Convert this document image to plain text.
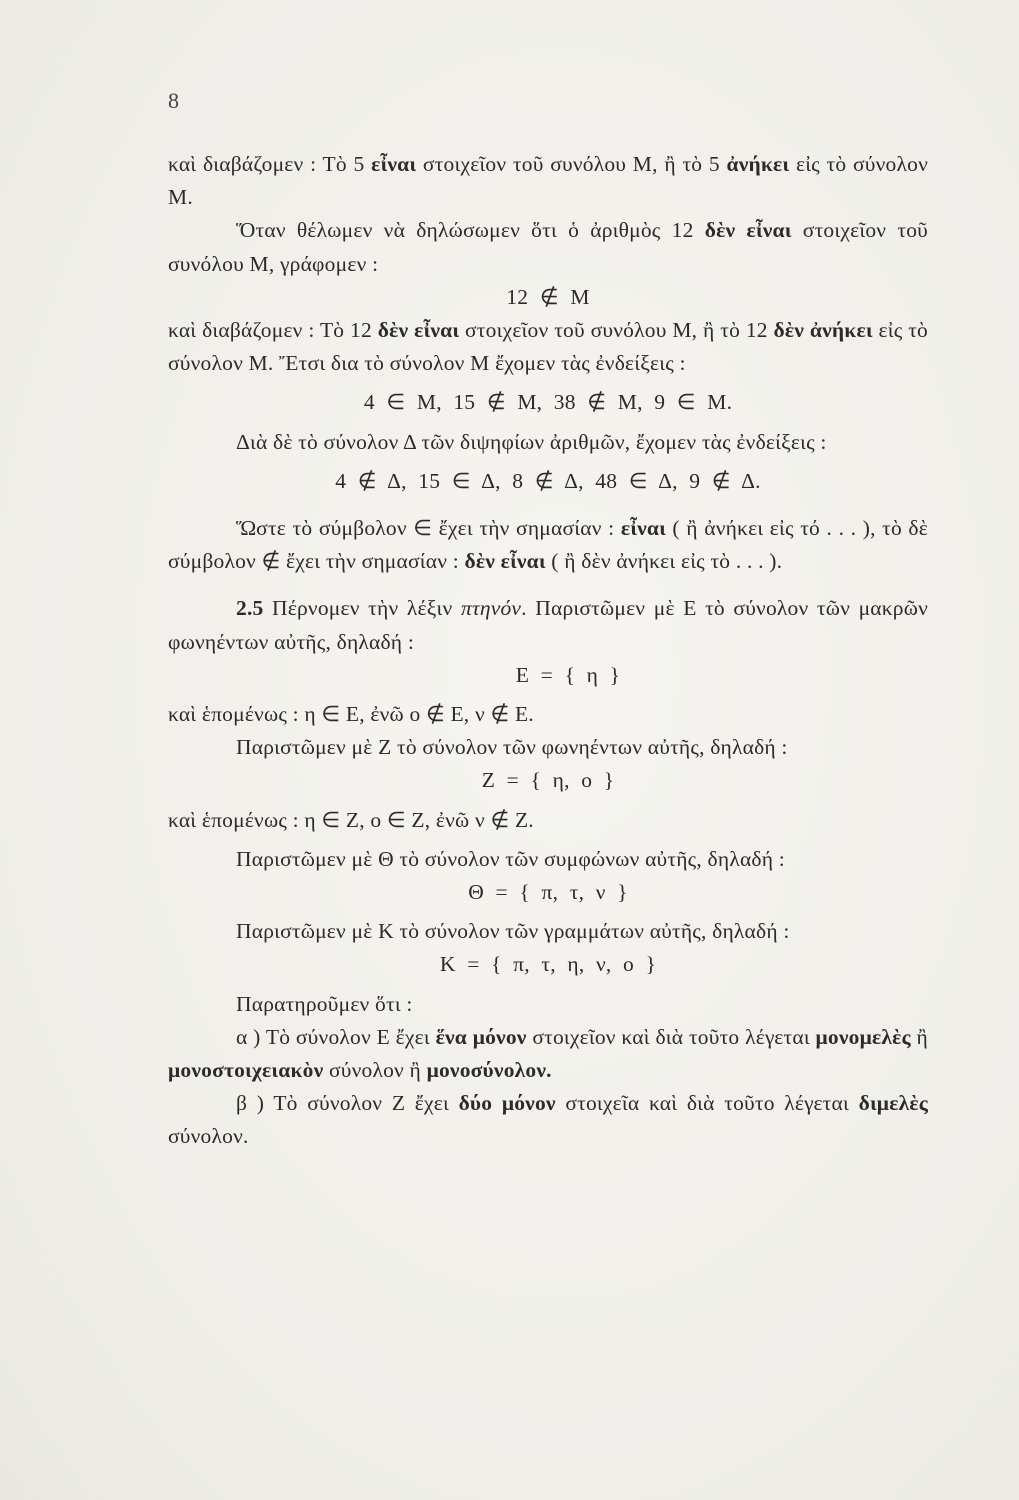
8

καὶ διαβάζομεν : Τὸ 5 εἶναι στοιχεῖον τοῦ συνόλου Μ, ἢ τὸ 5 ἀνήκει εἰς τὸ σύνολον Μ.

Ὅταν θέλωμεν νὰ δηλώσωμεν ὅτι ὁ ἀριθμὸς 12 δὲν εἶναι στοιχεῖον τοῦ συνόλου Μ, γράφομεν :

12 ∉ Μ

καὶ διαβάζομεν : Τὸ 12 δὲν εἶναι στοιχεῖον τοῦ συνόλου Μ, ἢ τὸ 12 δὲν ἀνήκει εἰς τὸ σύνολον Μ. Ἔτσι δια τὸ σύνολον Μ ἔχομεν τὰς ἐνδείξεις :

4 ∈ Μ, 15 ∉ Μ, 38 ∉ Μ, 9 ∈ Μ.

Διὰ δὲ τὸ σύνολον Δ τῶν διψηφίων ἀριθμῶν, ἔχομεν τὰς ἐνδείξεις :

4 ∉ Δ, 15 ∈ Δ, 8 ∉ Δ, 48 ∈ Δ, 9 ∉ Δ.

Ὥστε τὸ σύμβολον ∈ ἔχει τὴν σημασίαν : εἶναι ( ἢ ἀνήκει εἰς τό . . . ), τὸ δὲ σύμβολον ∉ ἔχει τὴν σημασίαν : δὲν εἶναι ( ἢ δὲν ἀνήκει εἰς τὸ . . . ).

2.5 Πέρνομεν τὴν λέξιν πτηνόν. Παριστῶμεν μὲ Ε τὸ σύνολον τῶν μακρῶν φωνηέντων αὐτῆς, δηλαδή :

Ε = { η }

καὶ ἑπομένως : η ∈ Ε, ἐνῶ ο ∉ Ε, ν ∉ Ε.

Παριστῶμεν μὲ Ζ τὸ σύνολον τῶν φωνηέντων αὐτῆς, δηλαδή :

Ζ = { η, ο }

καὶ ἑπομένως : η ∈ Ζ, ο ∈ Ζ, ἐνῶ ν ∉ Ζ.

Παριστῶμεν μὲ Θ τὸ σύνολον τῶν συμφώνων αὐτῆς, δηλαδή :

Θ = { π, τ, ν }

Παριστῶμεν μὲ Κ τὸ σύνολον τῶν γραμμάτων αὐτῆς, δηλαδή :

Κ = { π, τ, η, ν, ο }

Παρατηροῦμεν ὅτι :

α ) Τὸ σύνολον Ε ἔχει ἕνα μόνον στοιχεῖον καὶ διὰ τοῦτο λέγεται μονομελὲς ἢ μονοστοιχειακὸν σύνολον ἢ μονοσύνολον.

β ) Τὸ σύνολον Ζ ἔχει δύο μόνον στοιχεῖα καὶ διὰ τοῦτο λέγεται διμελὲς σύνολον.
